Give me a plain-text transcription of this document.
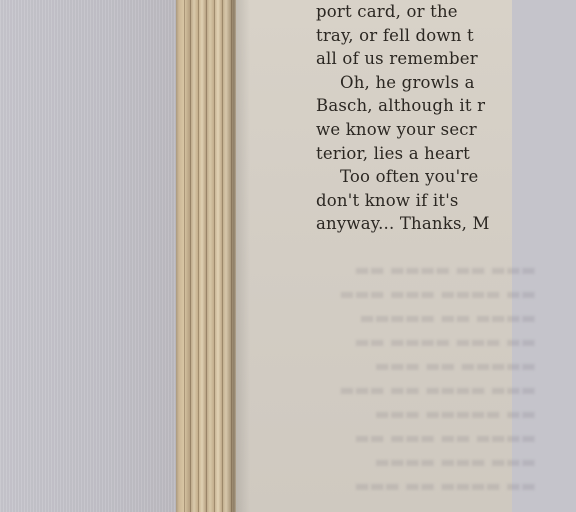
port card, or the
tray, or fell down t
all of us remember
Oh, he growls a
Basch, although it r
we know your secr
terior, lies a heart
Too often you're
don't know if it's
anyway... Thanks, M
▬▬▬ ▬▬ ▬▬▬▬ ▬▬
▬▬ ▬▬▬▬ ▬▬▬ ▬▬▬
▬▬▬▬ ▬▬ ▬▬▬▬▬
▬▬ ▬▬▬ ▬▬▬▬ ▬▬
▬▬▬▬▬ ▬▬ ▬▬▬
▬▬▬ ▬▬▬▬ ▬▬ ▬▬▬
▬▬ ▬▬▬▬▬ ▬▬▬
▬▬▬▬ ▬▬ ▬▬▬ ▬▬
▬▬▬ ▬▬▬ ▬▬▬▬
▬▬ ▬▬▬▬ ▬▬ ▬▬▬
